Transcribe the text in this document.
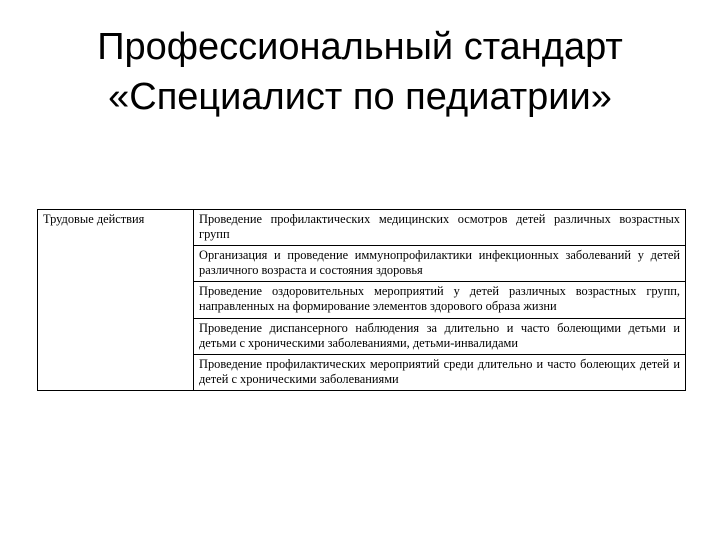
Профессиональный стандарт
«Специалист по педиатрии»
Трудовые действия	Проведение профилактических медицинских осмотров детей различных возрастных групп
Организация и проведение иммунопрофилактики инфекционных заболеваний у детей различного возраста и состояния здоровья
Проведение оздоровительных мероприятий у детей различных возрастных групп, направленных на формирование элементов здорового образа жизни
Проведение диспансерного наблюдения за длительно и часто болеющими детьми и детьми с хроническими заболеваниями, детьми-инвалидами
Проведение профилактических мероприятий среди длительно и часто болеющих детей и детей с хроническими заболеваниями
